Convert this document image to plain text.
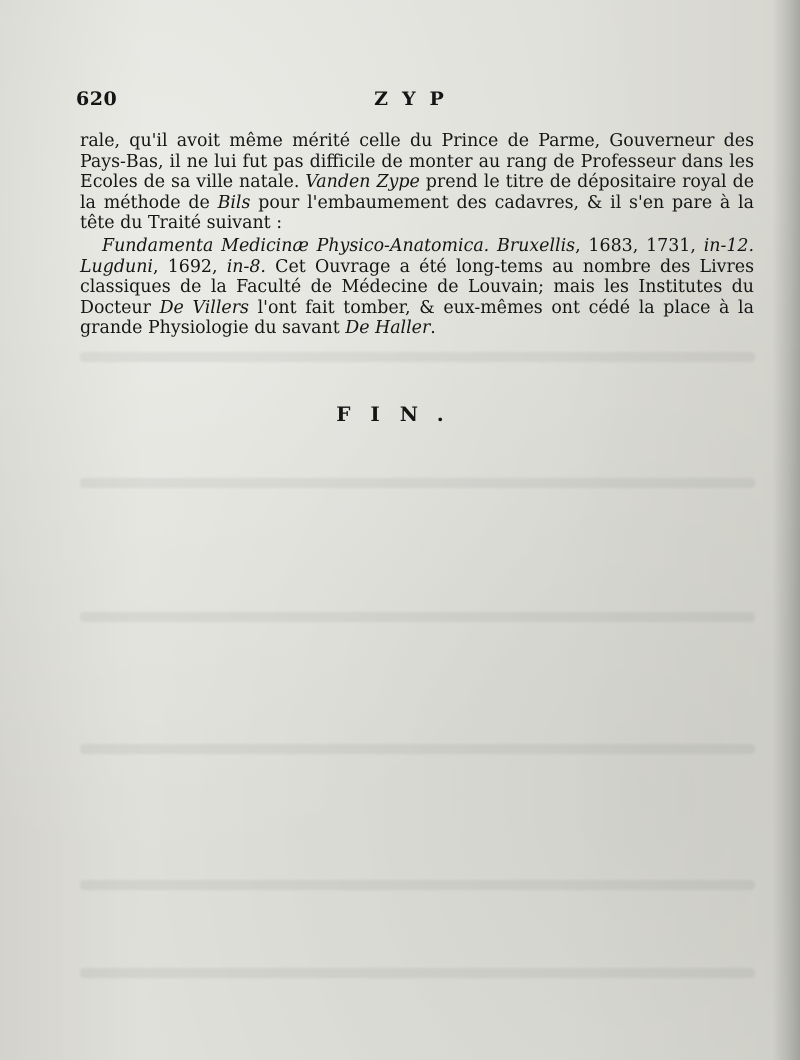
620	ZYP

rale, qu'il avoit même mérité celle du Prince de Parme, Gouverneur des Pays-Bas, il ne lui fut pas difficile de monter au rang de Professeur dans les Ecoles de sa ville natale. Vanden Zype prend le titre de dépositaire royal de la méthode de Bils pour l'embaumement des cadavres, & il s'en pare à la tête du Traité suivant :

Fundamenta Medicinæ Physico-Anatomica. Bruxellis, 1683, 1731, in-12. Lugduni, 1692, in-8. Cet Ouvrage a été long-tems au nombre des Livres classiques de la Faculté de Médecine de Louvain; mais les Institutes du Docteur De Villers l'ont fait tomber, & eux-mêmes ont cédé la place à la grande Physiologie du savant De Haller.

FIN.
